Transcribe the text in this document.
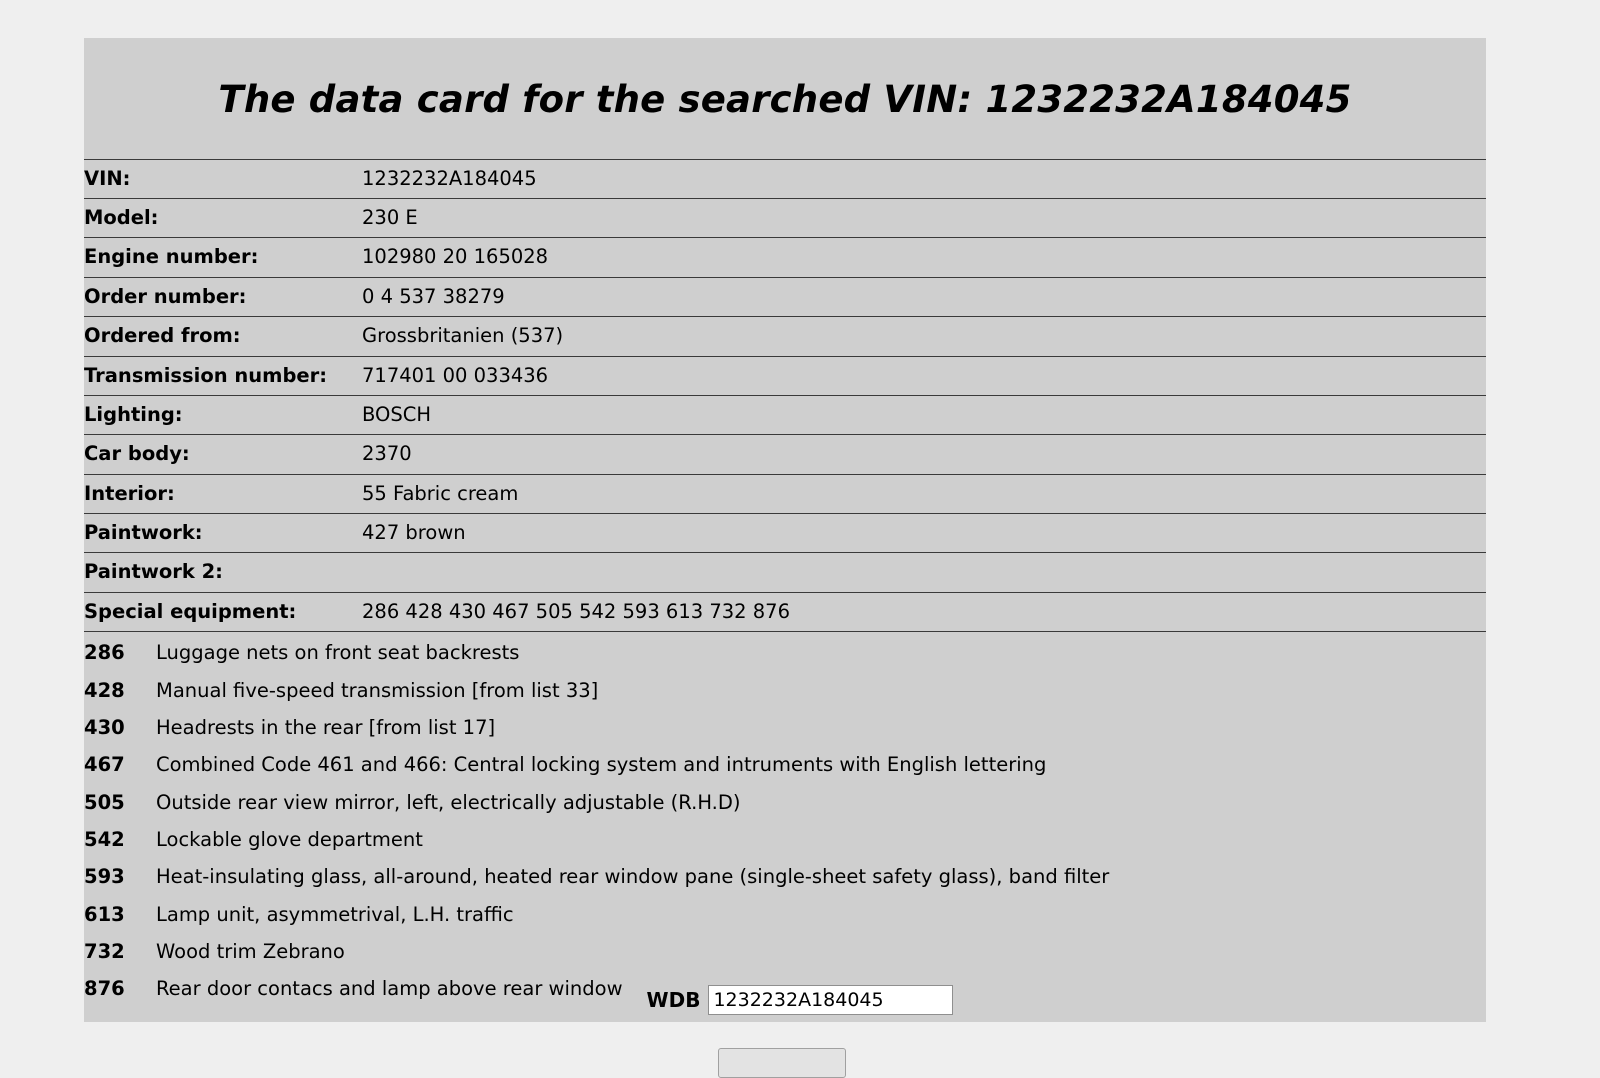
The data card for the searched VIN: 1232232A184045
VIN:	1232232A184045
Model:	230 E
Engine number:	102980 20 165028
Order number:	0 4 537 38279
Ordered from:	Grossbritanien (537)
Transmission number:	717401 00 033436
Lighting:	BOSCH
Car body:	2370
Interior:	55 Fabric cream
Paintwork:	427 brown
Paintwork 2:	
Special equipment:	286 428 430 467 505 542 593 613 732 876
286	Luggage nets on front seat backrests
428	Manual five-speed transmission [from list 33]
430	Headrests in the rear [from list 17]
467	Combined Code 461 and 466: Central locking system and intruments with English lettering
505	Outside rear view mirror, left, electrically adjustable (R.H.D)
542	Lockable glove department
593	Heat-insulating glass, all-around, heated rear window pane (single-sheet safety glass), band filter
613	Lamp unit, asymmetrival, L.H. traffic
732	Wood trim Zebrano
876	Rear door contacs and lamp above rear window WDB
1232232A184045
